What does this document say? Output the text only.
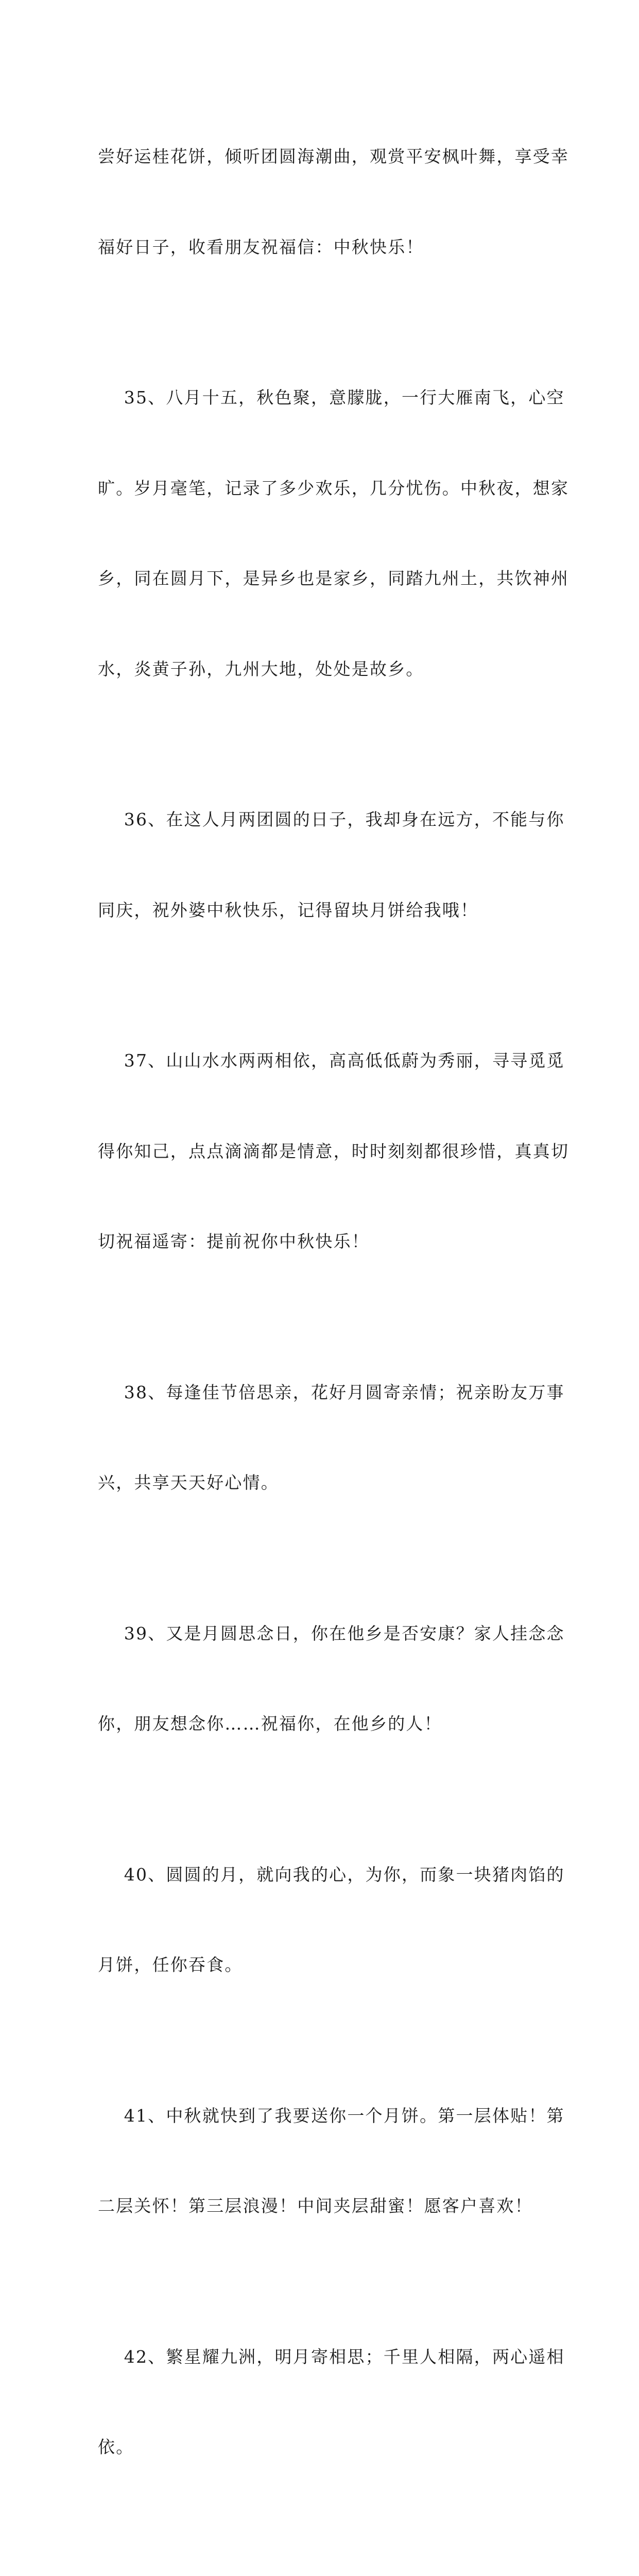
尝好运桂花饼，倾听团圆海潮曲，观赏平安枫叶舞，享受幸

福好日子，收看朋友祝福信：中秋快乐！

35、八月十五，秋色聚，意朦胧，一行大雁南飞，心空

旷。岁月毫笔，记录了多少欢乐，几分忧伤。中秋夜，想家

乡，同在圆月下，是异乡也是家乡，同踏九州土，共饮神州

水，炎黄子孙，九州大地，处处是故乡。

36、在这人月两团圆的日子，我却身在远方，不能与你

同庆，祝外婆中秋快乐，记得留块月饼给我哦！

37、山山水水两两相依，高高低低蔚为秀丽，寻寻觅觅

得你知己，点点滴滴都是情意，时时刻刻都很珍惜，真真切

切祝福遥寄：提前祝你中秋快乐！

38、每逢佳节倍思亲，花好月圆寄亲情；祝亲盼友万事

兴，共享天天好心情。

39、又是月圆思念日，你在他乡是否安康？家人挂念念

你，朋友想念你……祝福你，在他乡的人！

40、圆圆的月，就向我的心，为你，而象一块猪肉馅的

月饼，任你吞食。

41、中秋就快到了我要送你一个月饼。第一层体贴！第

二层关怀！第三层浪漫！中间夹层甜蜜！愿客户喜欢！

42、繁星耀九洲，明月寄相思；千里人相隔，两心遥相

依。
